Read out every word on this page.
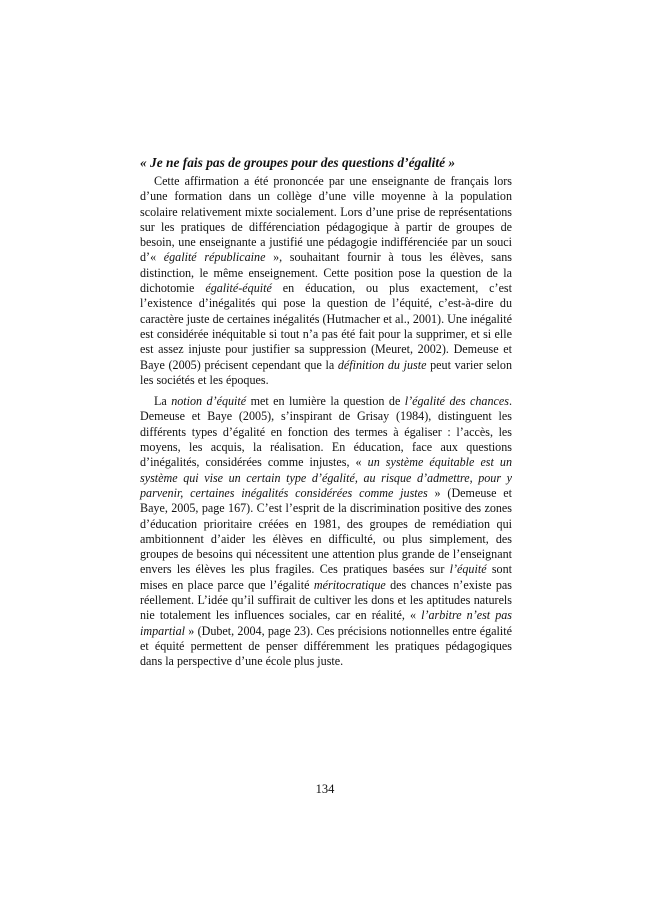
« Je ne fais pas de groupes pour des questions d’égalité »

Cette affirmation a été prononcée par une enseignante de français lors d’une formation dans un collège d’une ville moyenne à la population scolaire relativement mixte socialement. Lors d’une prise de représentations sur les pratiques de différenciation pédagogique à partir de groupes de besoin, une enseignante a justifié une pédagogie indifférenciée par un souci d’« égalité républicaine », souhaitant fournir à tous les élèves, sans distinction, le même enseignement. Cette position pose la question de la dichotomie égalité-équité en éducation, ou plus exactement, c’est l’existence d’inégalités qui pose la question de l’équité, c’est-à-dire du caractère juste de certaines inégalités (Hutmacher et al., 2001). Une inégalité est considérée inéquitable si tout n’a pas été fait pour la supprimer, et si elle est assez injuste pour justifier sa suppression (Meuret, 2002). Demeuse et Baye (2005) précisent cependant que la définition du juste peut varier selon les sociétés et les époques.

La notion d’équité met en lumière la question de l’égalité des chances. Demeuse et Baye (2005), s’inspirant de Grisay (1984), distinguent les différents types d’égalité en fonction des termes à égaliser : l’accès, les moyens, les acquis, la réalisation. En éducation, face aux questions d’inégalités, considérées comme injustes, « un système équitable est un système qui vise un certain type d’égalité, au risque d’admettre, pour y parvenir, certaines inégalités considérées comme justes » (Demeuse et Baye, 2005, page 167). C’est l’esprit de la discrimination positive des zones d’éducation prioritaire créées en 1981, des groupes de remédiation qui ambitionnent d’aider les élèves en difficulté, ou plus simplement, des groupes de besoins qui nécessitent une attention plus grande de l’enseignant envers les élèves les plus fragiles. Ces pratiques basées sur l’équité sont mises en place parce que l’égalité méritocratique des chances n’existe pas réellement. L’idée qu’il suffirait de cultiver les dons et les aptitudes naturels nie totalement les influences sociales, car en réalité, « l’arbitre n’est pas impartial » (Dubet, 2004, page 23). Ces précisions notionnelles entre égalité et équité permettent de penser différemment les pratiques pédagogiques dans la perspective d’une école plus juste.

134
